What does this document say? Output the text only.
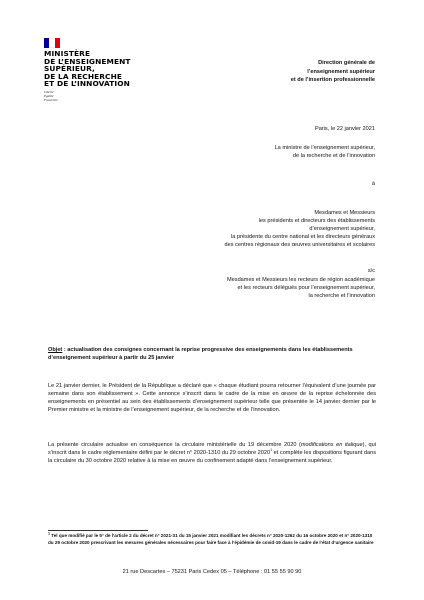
MINISTÈRE
DE L’ENSEIGNEMENT
SUPÉRIEUR,
DE LA RECHERCHE
ET DE L’INNOVATION
Liberté
Égalité
Fraternité
Direction générale de
l’enseignement supérieur
et de l’insertion professionnelle
Paris, le 22 janvier 2021
La ministre de l’enseignement supérieur,
de la recherche et de l’innovation
à
Mesdames et Messieurs
les présidents et directeurs des établissements
d’enseignement supérieur,
la présidente du centre national et les directeurs généraux
des centres régionaux des œuvres universitaires et scolaires
s/c
Mesdames et Messieurs les recteurs de région académique
et les recteurs délégués pour l’enseignement supérieur,
la recherche et l’innovation
Objet : actualisation des consignes concernant la reprise progressive des enseignements dans les établissements d’enseignement supérieur à partir du 25 janvier
Le 21 janvier dernier, le Président de la République a déclaré que « chaque étudiant pourra retourner l’équivalent d’une journée par semaine dans son établissement ». Cette annonce s’inscrit dans le cadre de la mise en œuvre de la reprise échelonnée des enseignements en présentiel au sein des établissements d’enseignement supérieur telle que présentée le 14 janvier dernier par le Premier ministre et la ministre de l’enseignement supérieur, de la recherche et de l’innovation.
La présente circulaire actualise en conséquence la circulaire ministérielle du 19 décembre 2020 (modifications en italique), qui s’inscrit dans le cadre réglementaire défini par le décret n° 2020-1310 du 29 octobre 2020$^1$ et complète les dispositions figurant dans la circulaire du 30 octobre 2020 relative à la mise en œuvre du confinement adapté dans l’enseignement supérieur.
$^1$ Tel que modifié par le 5° de l’article 2 du décret n° 2021-31 du 15 janvier 2021 modifiant les décrets n° 2020-1262 du 16 octobre 2020 et n° 2020-1310 du 29 octobre 2020 prescrivant les mesures générales nécessaires pour faire face à l’épidémie de covid-19 dans le cadre de l’état d’urgence sanitaire
21 rue Descartes – 75231 Paris Cedex 05 – Téléphone : 01 55 55 90 90
